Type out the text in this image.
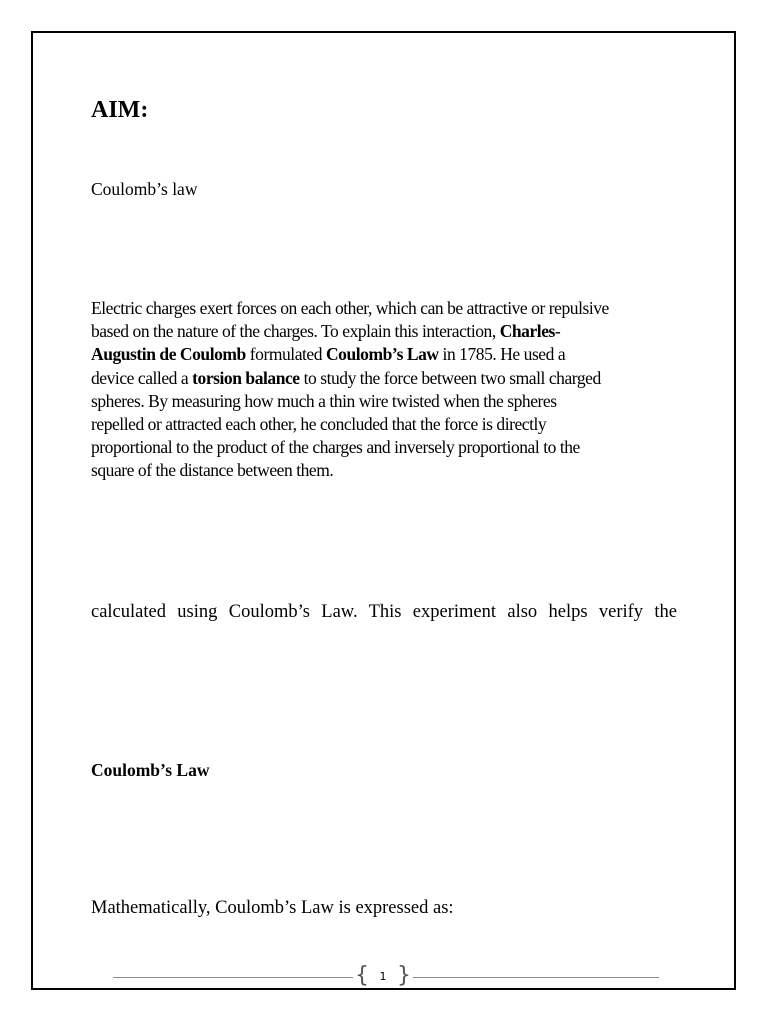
AIM:
Coulomb’s law

Electric charges exert forces on each other, which can be attractive or repulsive

based on the nature of the charges. To explain this interaction, Charles-

Augustin de Coulomb formulated Coulomb’s Law in 1785. He used a

device called a torsion balance to study the force between two small charged

spheres. By measuring how much a thin wire twisted when the spheres

repelled or attracted each other, he concluded that the force is directly

proportional to the product of the charges and inversely proportional to the

square of the distance between them.

calculated using Coulomb’s Law. This experiment also helps verify the
Coulomb’s Law
Mathematically, Coulomb’s Law is expressed as:
{ 1 }
